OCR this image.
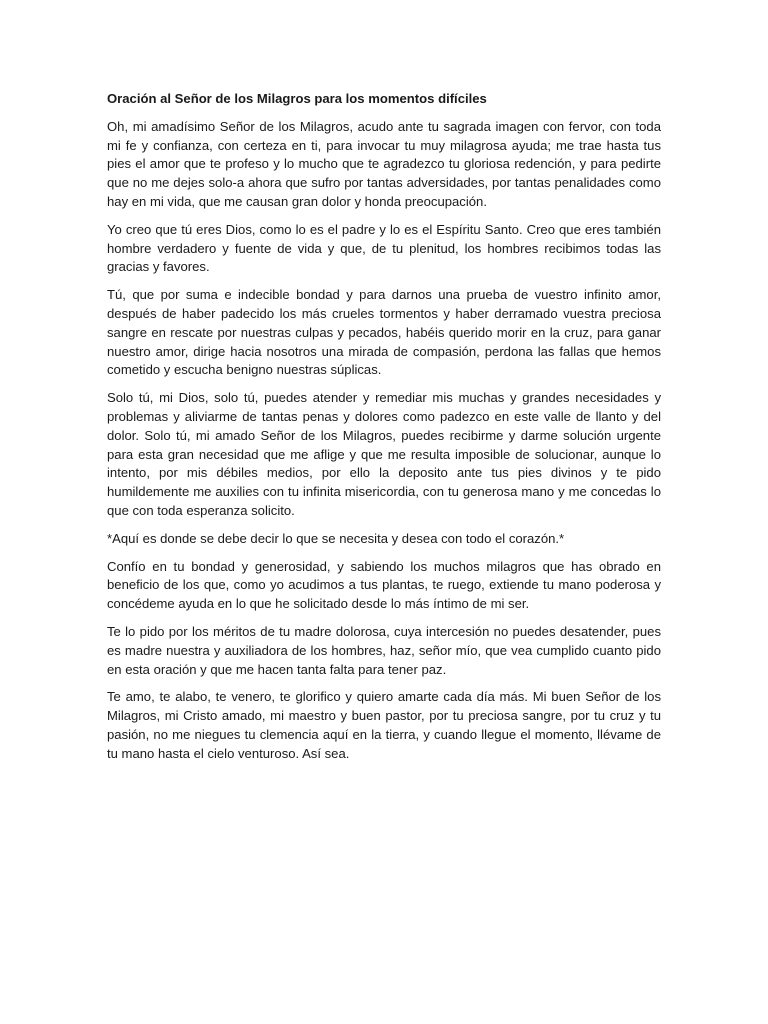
Oración al Señor de los Milagros para los momentos difíciles

Oh, mi amadísimo Señor de los Milagros, acudo ante tu sagrada imagen con fervor, con toda mi fe y confianza, con certeza en ti, para invocar tu muy milagrosa ayuda; me trae hasta tus pies el amor que te profeso y lo mucho que te agradezco tu gloriosa redención, y para pedirte que no me dejes solo-a ahora que sufro por tantas adversidades, por tantas penalidades como hay en mi vida, que me causan gran dolor y honda preocupación.

Yo creo que tú eres Dios, como lo es el padre y lo es el Espíritu Santo. Creo que eres también hombre verdadero y fuente de vida y que, de tu plenitud, los hombres recibimos todas las gracias y favores.

Tú, que por suma e indecible bondad y para darnos una prueba de vuestro infinito amor, después de haber padecido los más crueles tormentos y haber derramado vuestra preciosa sangre en rescate por nuestras culpas y pecados, habéis querido morir en la cruz, para ganar nuestro amor, dirige hacia nosotros una mirada de compasión, perdona las fallas que hemos cometido y escucha benigno nuestras súplicas.

Solo tú, mi Dios, solo tú, puedes atender y remediar mis muchas y grandes necesidades y problemas y aliviarme de tantas penas y dolores como padezco en este valle de llanto y del dolor. Solo tú, mi amado Señor de los Milagros, puedes recibirme y darme solución urgente para esta gran necesidad que me aflige y que me resulta imposible de solucionar, aunque lo intento, por mis débiles medios, por ello la deposito ante tus pies divinos y te pido humildemente me auxilies con tu infinita misericordia, con tu generosa mano y me concedas lo que con toda esperanza solicito.

*Aquí es donde se debe decir lo que se necesita y desea con todo el corazón.*

Confío en tu bondad y generosidad, y sabiendo los muchos milagros que has obrado en beneficio de los que, como yo acudimos a tus plantas, te ruego, extiende tu mano poderosa y concédeme ayuda en lo que he solicitado desde lo más íntimo de mi ser.

Te lo pido por los méritos de tu madre dolorosa, cuya intercesión no puedes desatender, pues es madre nuestra y auxiliadora de los hombres, haz, señor mío, que vea cumplido cuanto pido en esta oración y que me hacen tanta falta para tener paz.

Te amo, te alabo, te venero, te glorifico y quiero amarte cada día más. Mi buen Señor de los Milagros, mi Cristo amado, mi maestro y buen pastor, por tu preciosa sangre, por tu cruz y tu pasión, no me niegues tu clemencia aquí en la tierra, y cuando llegue el momento, llévame de tu mano hasta el cielo venturoso. Así sea.
